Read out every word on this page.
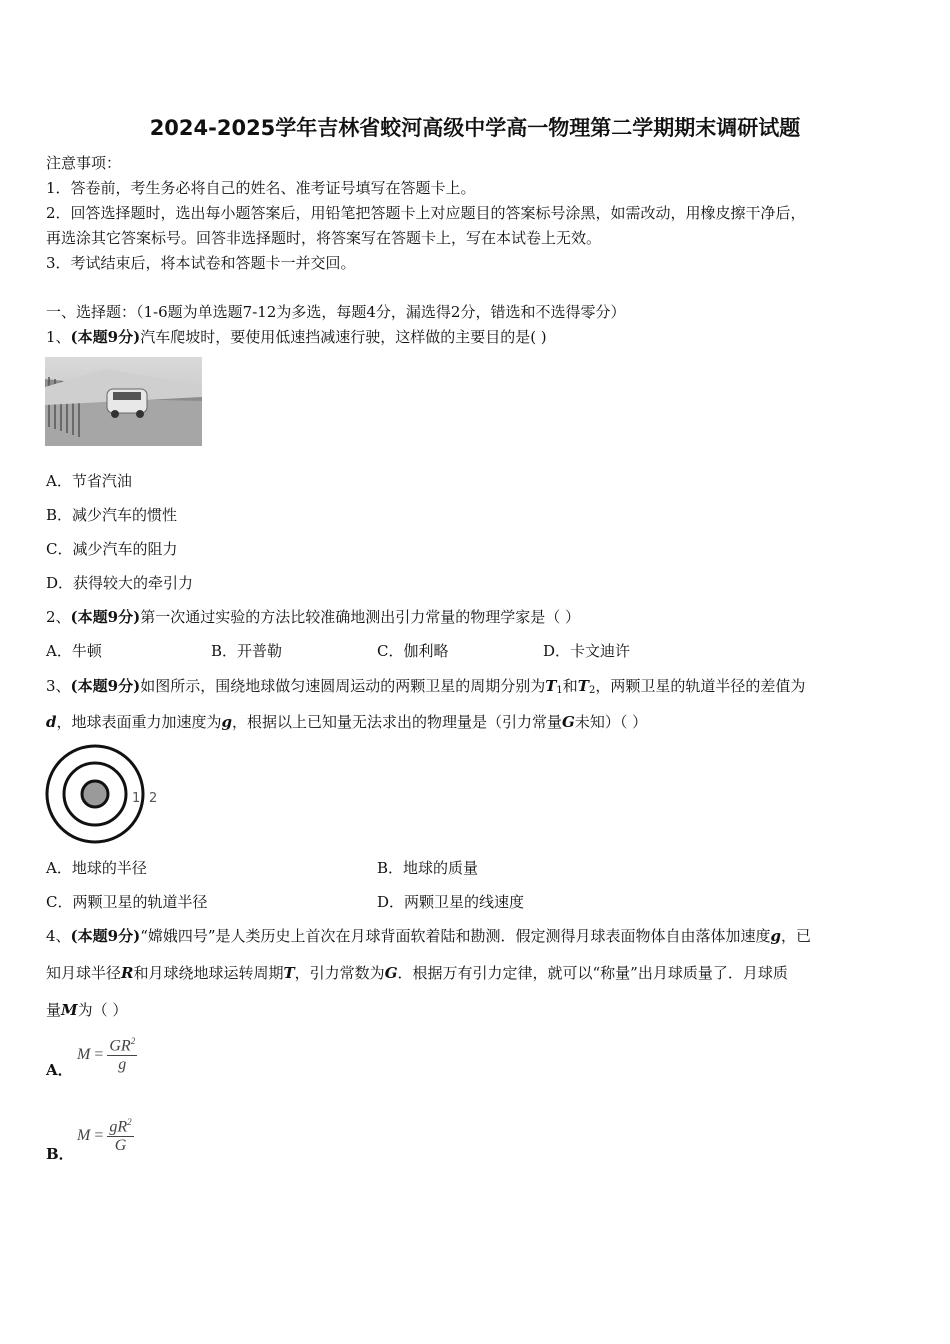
2024-2025学年吉林省蛟河高级中学高一物理第二学期期末调研试题
注意事项：
1．答卷前，考生务必将自己的姓名、准考证号填写在答题卡上。
2．回答选择题时，选出每小题答案后，用铅笔把答题卡上对应题目的答案标号涂黑，如需改动，用橡皮擦干净后，
再选涂其它答案标号。回答非选择题时，将答案写在答题卡上，写在本试卷上无效。
3．考试结束后，将本试卷和答题卡一并交回。
一、选择题：（1-6题为单选题7-12为多选，每题4分，漏选得2分，错选和不选得零分）
1、(本题9分)汽车爬坡时，要使用低速挡减速行驶，这样做的主要目的是( )
A．节省汽油
B．减少汽车的惯性
C．减少汽车的阻力
D．获得较大的牵引力
2、(本题9分)第一次通过实验的方法比较准确地测出引力常量的物理学家是（ ）
A．牛顿	B．开普勒	C．伽利略	D．卡文迪许
3、(本题9分)如图所示，围绕地球做匀速圆周运动的两颗卫星的周期分别为$T_1$和$T_2$，两颗卫星的轨道半径的差值为
d，地球表面重力加速度为g，根据以上已知量无法求出的物理量是（引力常量G未知）（ ）
1 2
A．地球的半径	B．地球的质量
C．两颗卫星的轨道半径	D．两颗卫星的线速度
4、(本题9分)“嫦娥四号”是人类历史上首次在月球背面软着陆和勘测．假定测得月球表面物体自由落体加速度g，已
知月球半径R和月球绕地球运转周期T，引力常数为G．根据万有引力定律，就可以“称量”出月球质量了．月球质
量M为（ ）
A．
$M = \frac{GR^2}{g}$
B．
$M = \frac{gR^2}{G}$
